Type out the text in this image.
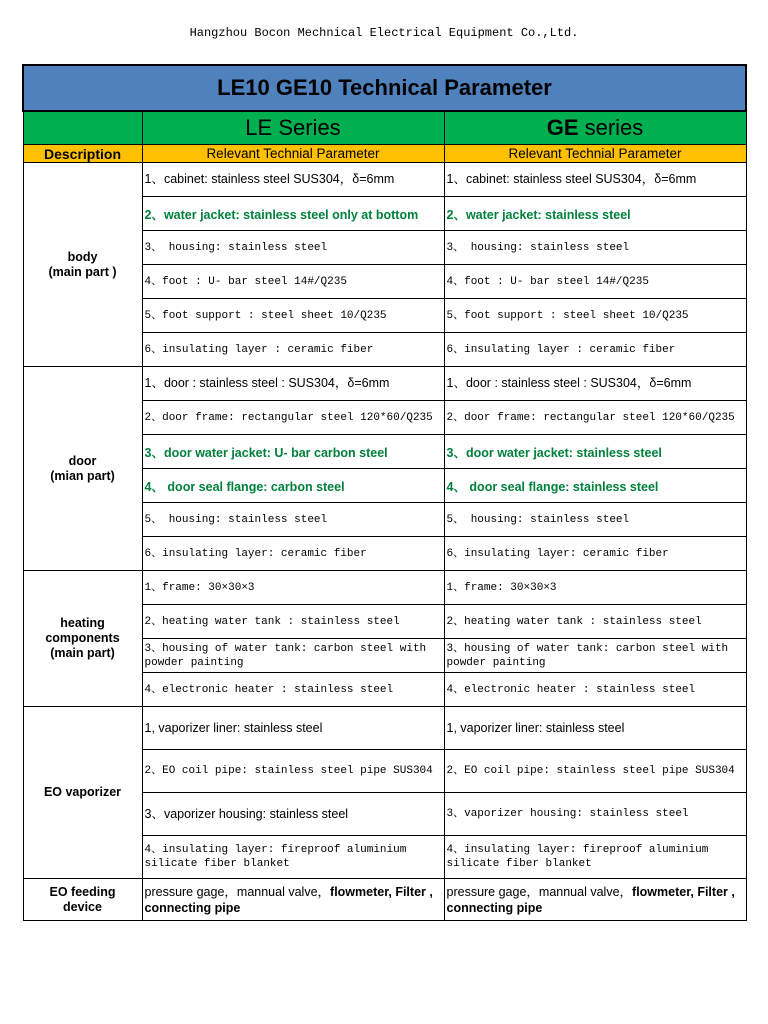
Hangzhou Bocon Mechnical Electrical Equipment Co.,Ltd.
LE10 GE10 Technical Parameter		
	LE Series	GE series
Description	Relevant Technial Parameter	Relevant Technial Parameter

body
(main part )	1、cabinet: stainless steel SUS304，δ=6mm	1、cabinet: stainless steel SUS304，δ=6mm
	2、water jacket: stainless steel only at bottom	2、water jacket: stainless steel
	3、 housing: stainless steel	3、 housing: stainless steel
	4、foot : U- bar steel 14#/Q235	4、foot : U- bar steel 14#/Q235
	5、foot support : steel sheet 10/Q235	5、foot support : steel sheet 10/Q235
	6、insulating layer : ceramic fiber	6、insulating layer : ceramic fiber

door
(mian part)	1、door : stainless steel : SUS304，δ=6mm	1、door : stainless steel : SUS304，δ=6mm
	2、door frame: rectangular steel 120*60/Q235	2、door frame: rectangular steel 120*60/Q235
	3、door water jacket: U- bar carbon steel	3、door water jacket: stainless steel
	4、 door seal flange: carbon steel	4、 door seal flange: stainless steel
	5、 housing: stainless steel	5、 housing: stainless steel
	6、insulating layer: ceramic fiber	6、insulating layer: ceramic fiber

heating
components
(main part)	1、frame: 30×30×3	1、frame: 30×30×3
	2、heating water tank : stainless steel	2、heating water tank : stainless steel
	3、housing of water tank: carbon steel with powder painting	3、housing of water tank: carbon steel with powder painting
	4、electronic heater : stainless steel	4、electronic heater : stainless steel

EO vaporizer	1, vaporizer liner: stainless steel	1, vaporizer liner: stainless steel
	2、EO coil pipe: stainless steel pipe SUS304	2、EO coil pipe: stainless steel pipe SUS304
	3、vaporizer housing: stainless steel	3、vaporizer housing: stainless steel
	4、insulating layer: fireproof aluminium silicate fiber blanket	4、insulating layer: fireproof aluminium silicate fiber blanket

EO feeding
device	pressure gage，mannual valve，flowmeter, Filter , connecting pipe	pressure gage，mannual valve，flowmeter, Filter , connecting pipe
